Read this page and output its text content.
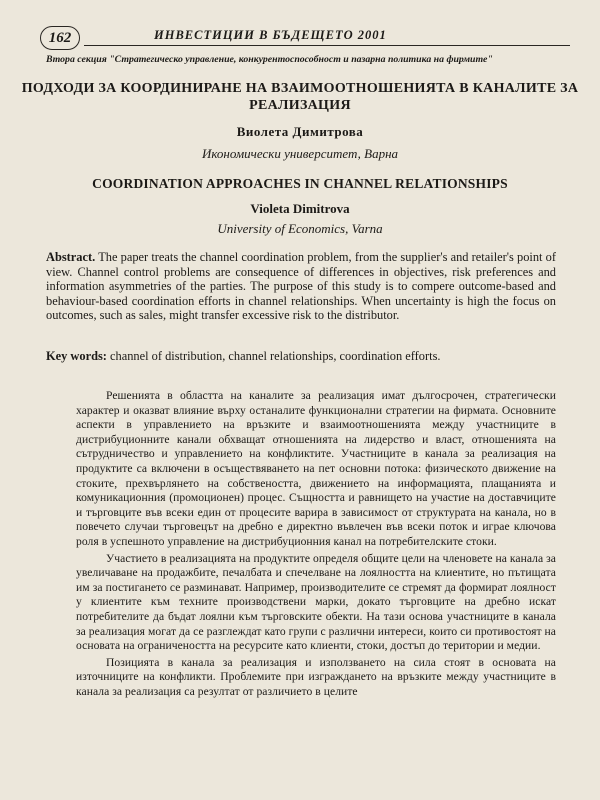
162	ИНВЕСТИЦИИ В БЪДЕЩЕТО 2001
Втора секция "Стратегическо управление, конкурентоспособност и пазарна политика на фирмите"
ПОДХОДИ ЗА КООРДИНИРАНЕ НА ВЗАИМООТНОШЕНИЯТА В КАНАЛИТЕ ЗА РЕАЛИЗАЦИЯ
Виолета Димитрова
Икономически университет, Варна
COORDINATION APPROACHES IN CHANNEL RELATIONSHIPS
Violeta Dimitrova
University of Economics, Varna
Abstract. The paper treats the channel coordination problem, from the supplier's and retailer's point of view. Channel control problems are consequence of differences in objectives, risk preferences and information asymmetries of the parties. The purpose of this study is to compere outcome-based and behaviour-based coordination efforts in channel relationships. When uncertainty is high the focus on outcomes, such as sales, might transfer excessive risk to the distributor.
Key words: channel of distribution, channel relationships, coordination efforts.

Решенията в областта на каналите за реализация имат дългосрочен, стратегически характер и оказват влияние върху останалите функционални стратегии на фирмата. Основните аспекти в управлението на връзките и взаимоотношенията между участниците в дистрибуционните канали обхващат отношенията на лидерство и власт, отношенията на сътрудничество и управлението на конфликтите. Участниците в канала за реализация на продуктите са включени в осъществяването на пет основни потока: физическото движение на стоките, прехвърлянето на собствеността, движението на информацията, плащанията и комуникационния (промоционен) процес. Същността и равнището на участие на доставчиците и търговците във всеки един от процесите варира в зависимост от структурата на канала, но в повечето случаи търговецът на дребно е директно въвлечен във всеки поток и играе ключова роля в успешното управление на дистрибуционния канал на потребителските стоки.

Участието в реализацията на продуктите определя общите цели на членовете на канала за увеличаване на продажбите, печалбата и спечелване на лоялността на клиентите, но пътищата им за постигането се разминават. Например, производителите се стремят да формират лоялност у клиентите към техните производствени марки, докато търговците на дребно искат потребителите да бъдат лоялни към търговските обекти. На тази основа участниците в канала за реализация могат да се разглеждат като групи с различни интереси, които си противостоят на основата на ограничеността на ресурсите като клиенти, стоки, достъп до територии и медии.

Позицията в канала за реализация и използването на сила стоят в основата на източниците на конфликти. Проблемите при изграждането на връзките между участниците в канала за реализация са резултат от различието в целите
